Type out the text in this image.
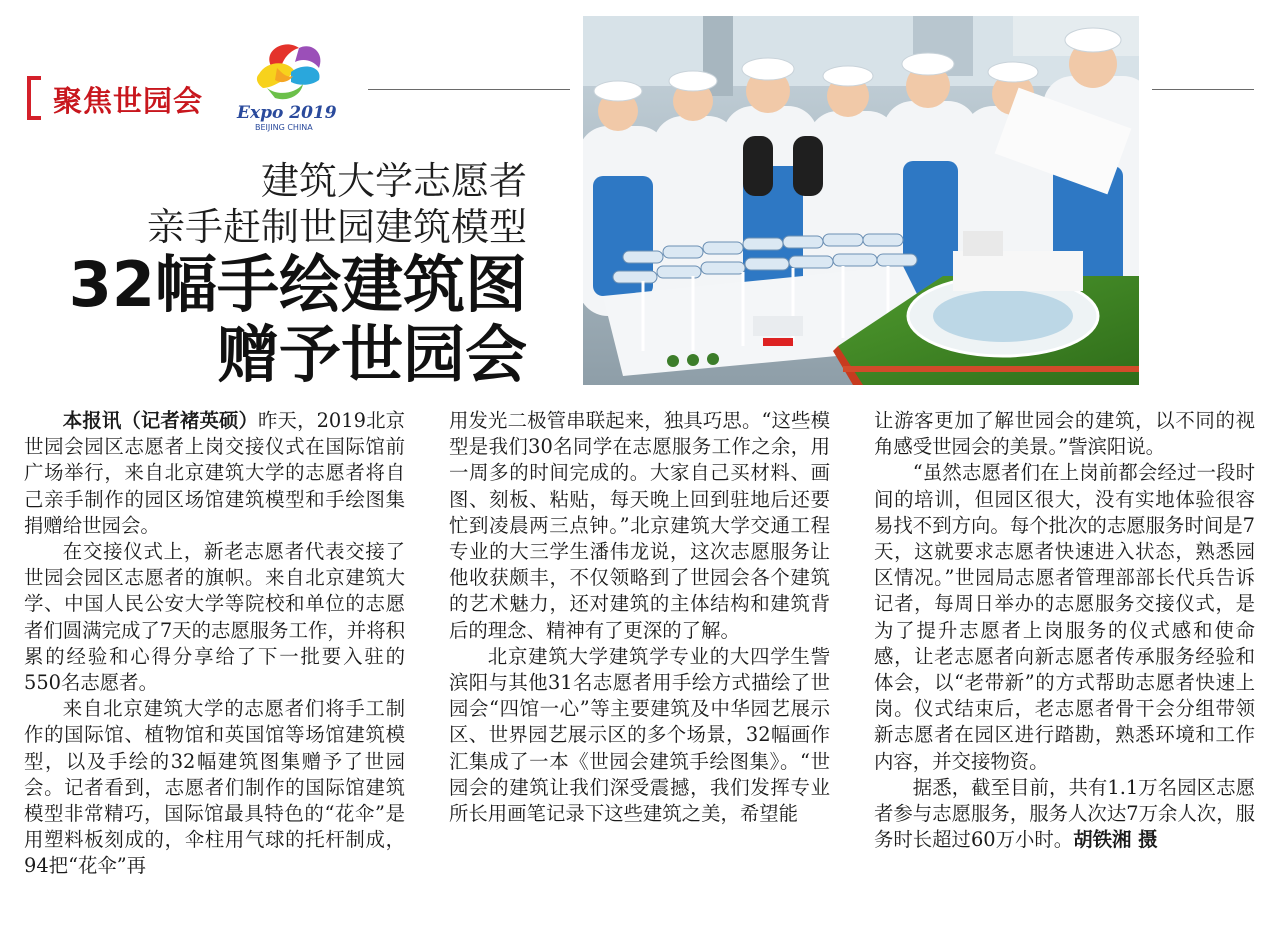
聚焦世园会 Expo 2019
BEIJING CHINA
建筑大学志愿者
亲手赶制世园建筑模型
32幅手绘建筑图
赠予世园会

本报讯（记者褚英硕）昨天，2019北京世园会园区志愿者上岗交接仪式在国际馆前广场举行，来自北京建筑大学的志愿者将自己亲手制作的园区场馆建筑模型和手绘图集捐赠给世园会。

在交接仪式上，新老志愿者代表交接了世园会园区志愿者的旗帜。来自北京建筑大学、中国人民公安大学等院校和单位的志愿者们圆满完成了7天的志愿服务工作，并将积累的经验和心得分享给了下一批要入驻的550名志愿者。

来自北京建筑大学的志愿者们将手工制作的国际馆、植物馆和英国馆等场馆建筑模型，以及手绘的32幅建筑图集赠予了世园会。记者看到，志愿者们制作的国际馆建筑模型非常精巧，国际馆最具特色的“花伞”是用塑料板刻成的，伞柱用气球的托杆制成，94把“花伞”再

用发光二极管串联起来，独具巧思。“这些模型是我们30名同学在志愿服务工作之余，用一周多的时间完成的。大家自己买材料、画图、刻板、粘贴，每天晚上回到驻地后还要忙到凌晨两三点钟。”北京建筑大学交通工程专业的大三学生潘伟龙说，这次志愿服务让他收获颇丰，不仅领略到了世园会各个建筑的艺术魅力，还对建筑的主体结构和建筑背后的理念、精神有了更深的了解。

北京建筑大学建筑学专业的大四学生訾滨阳与其他31名志愿者用手绘方式描绘了世园会“四馆一心”等主要建筑及中华园艺展示区、世界园艺展示区的多个场景，32幅画作汇集成了一本《世园会建筑手绘图集》。“世园会的建筑让我们深受震撼，我们发挥专业所长用画笔记录下这些建筑之美，希望能

让游客更加了解世园会的建筑，以不同的视角感受世园会的美景。”訾滨阳说。

“虽然志愿者们在上岗前都会经过一段时间的培训，但园区很大，没有实地体验很容易找不到方向。每个批次的志愿服务时间是7天，这就要求志愿者快速进入状态，熟悉园区情况。”世园局志愿者管理部部长代兵告诉记者，每周日举办的志愿服务交接仪式，是为了提升志愿者上岗服务的仪式感和使命感，让老志愿者向新志愿者传承服务经验和体会，以“老带新”的方式帮助志愿者快速上岗。仪式结束后，老志愿者骨干会分组带领新志愿者在园区进行踏勘，熟悉环境和工作内容，并交接物资。

据悉，截至目前，共有1.1万名园区志愿者参与志愿服务，服务人次达7万余人次，服务时长超过60万小时。胡铁湘 摄
